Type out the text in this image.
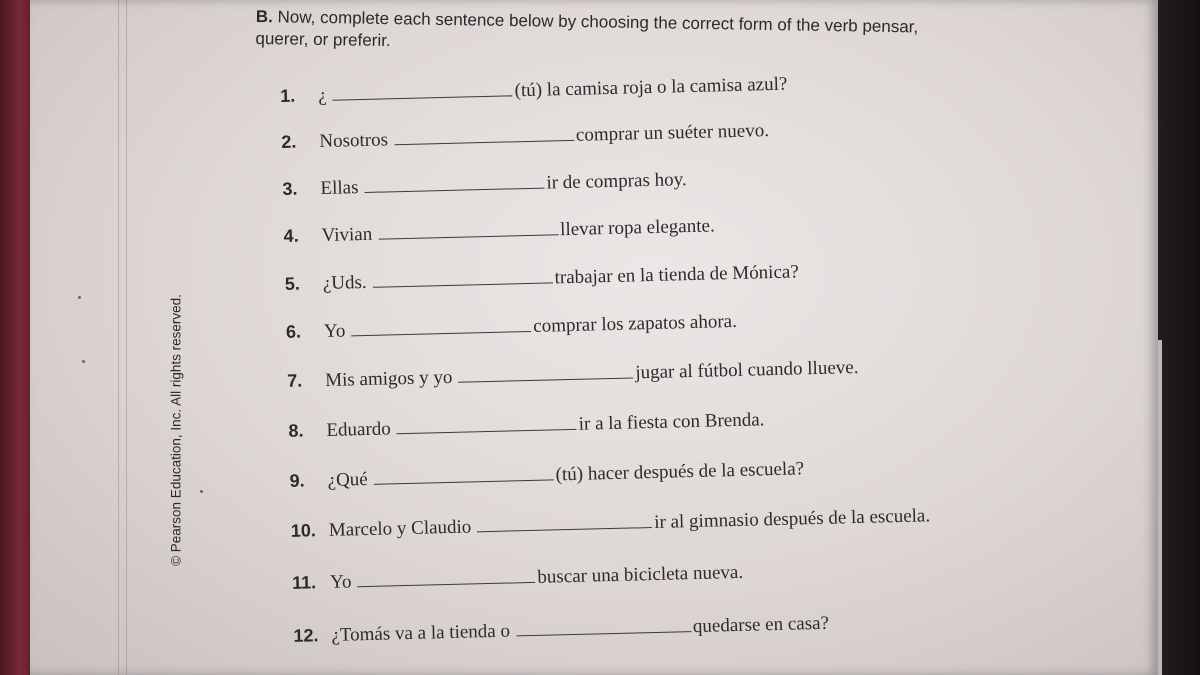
© Pearson Education, Inc. All rights reserved.
B. Now, complete each sentence below by choosing the correct form of the verb pensar,
querer, or preferir.
1.	¿	(tú) la camisa roja o la camisa azul?
2.	Nosotros	comprar un suéter nuevo.
3.	Ellas	ir de compras hoy.
4.	Vivian	llevar ropa elegante.
5.	¿Uds.	trabajar en la tienda de Mónica?
6.	Yo	comprar los zapatos ahora.
7.	Mis amigos y yo	jugar al fútbol cuando llueve.
8.	Eduardo	ir a la fiesta con Brenda.
9.	¿Qué	(tú) hacer después de la escuela?
10. Marcelo y Claudio	ir al gimnasio después de la escuela.
11. Yo	buscar una bicicleta nueva.
12. ¿Tomás va a la tienda o	quedarse en casa?
